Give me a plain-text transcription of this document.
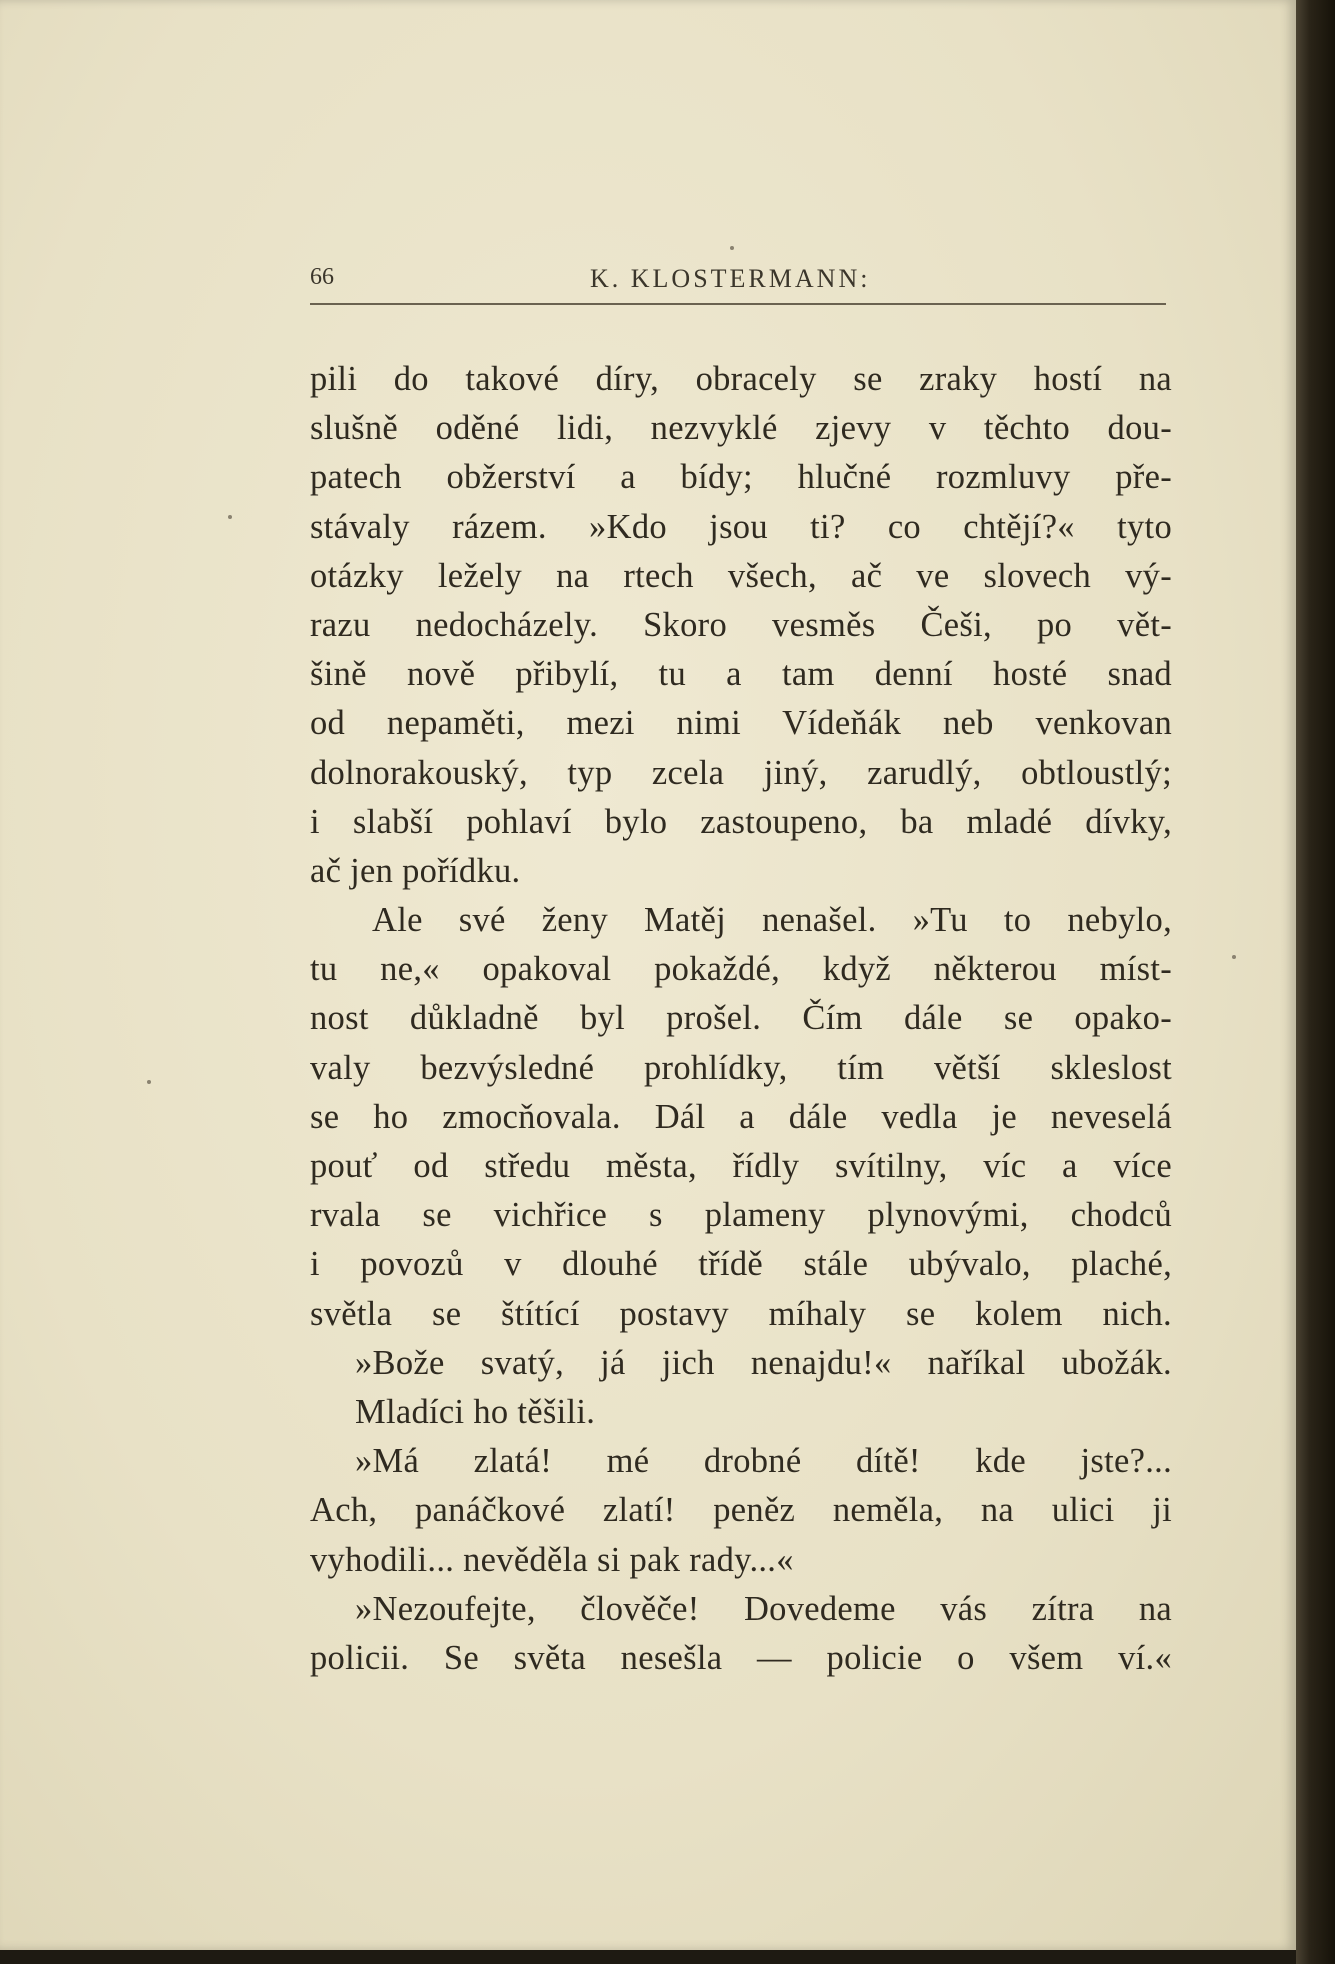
66	K. KLOSTERMANN:
pili do takové díry, obracely se zraky hostí na
slušně oděné lidi, nezvyklé zjevy v těchto dou-
patech obžerství a bídy; hlučné rozmluvy pře-
stávaly rázem. »Kdo jsou ti? co chtějí?« tyto
otázky ležely na rtech všech, ač ve slovech vý-
razu nedocházely. Skoro vesměs Češi, po vět-
šině nově přibylí, tu a tam denní hosté snad
od nepaměti, mezi nimi Vídeňák neb venkovan
dolnorakouský, typ zcela jiný, zarudlý, obtloustlý;
i slabší pohlaví bylo zastoupeno, ba mladé dívky,
ač jen pořídku.
Ale své ženy Matěj nenašel. »Tu to nebylo,
tu ne,« opakoval pokaždé, když některou míst-
nost důkladně byl prošel. Čím dále se opako-
valy bezvýsledné prohlídky, tím větší skleslost
se ho zmocňovala. Dál a dále vedla je neveselá
pouť od středu města, řídly svítilny, víc a více
rvala se vichřice s plameny plynovými, chodců
i povozů v dlouhé třídě stále ubývalo, plaché,
světla se štítící postavy míhaly se kolem nich.
»Bože svatý, já jich nenajdu!« naříkal ubožák.
Mladíci ho těšili.
»Má zlatá! mé drobné dítě! kde jste?...
Ach, panáčkové zlatí! peněz neměla, na ulici ji
vyhodili... nevěděla si pak rady...«
»Nezoufejte, člověče! Dovedeme vás zítra na
policii. Se světa nesešla — policie o všem ví.«
